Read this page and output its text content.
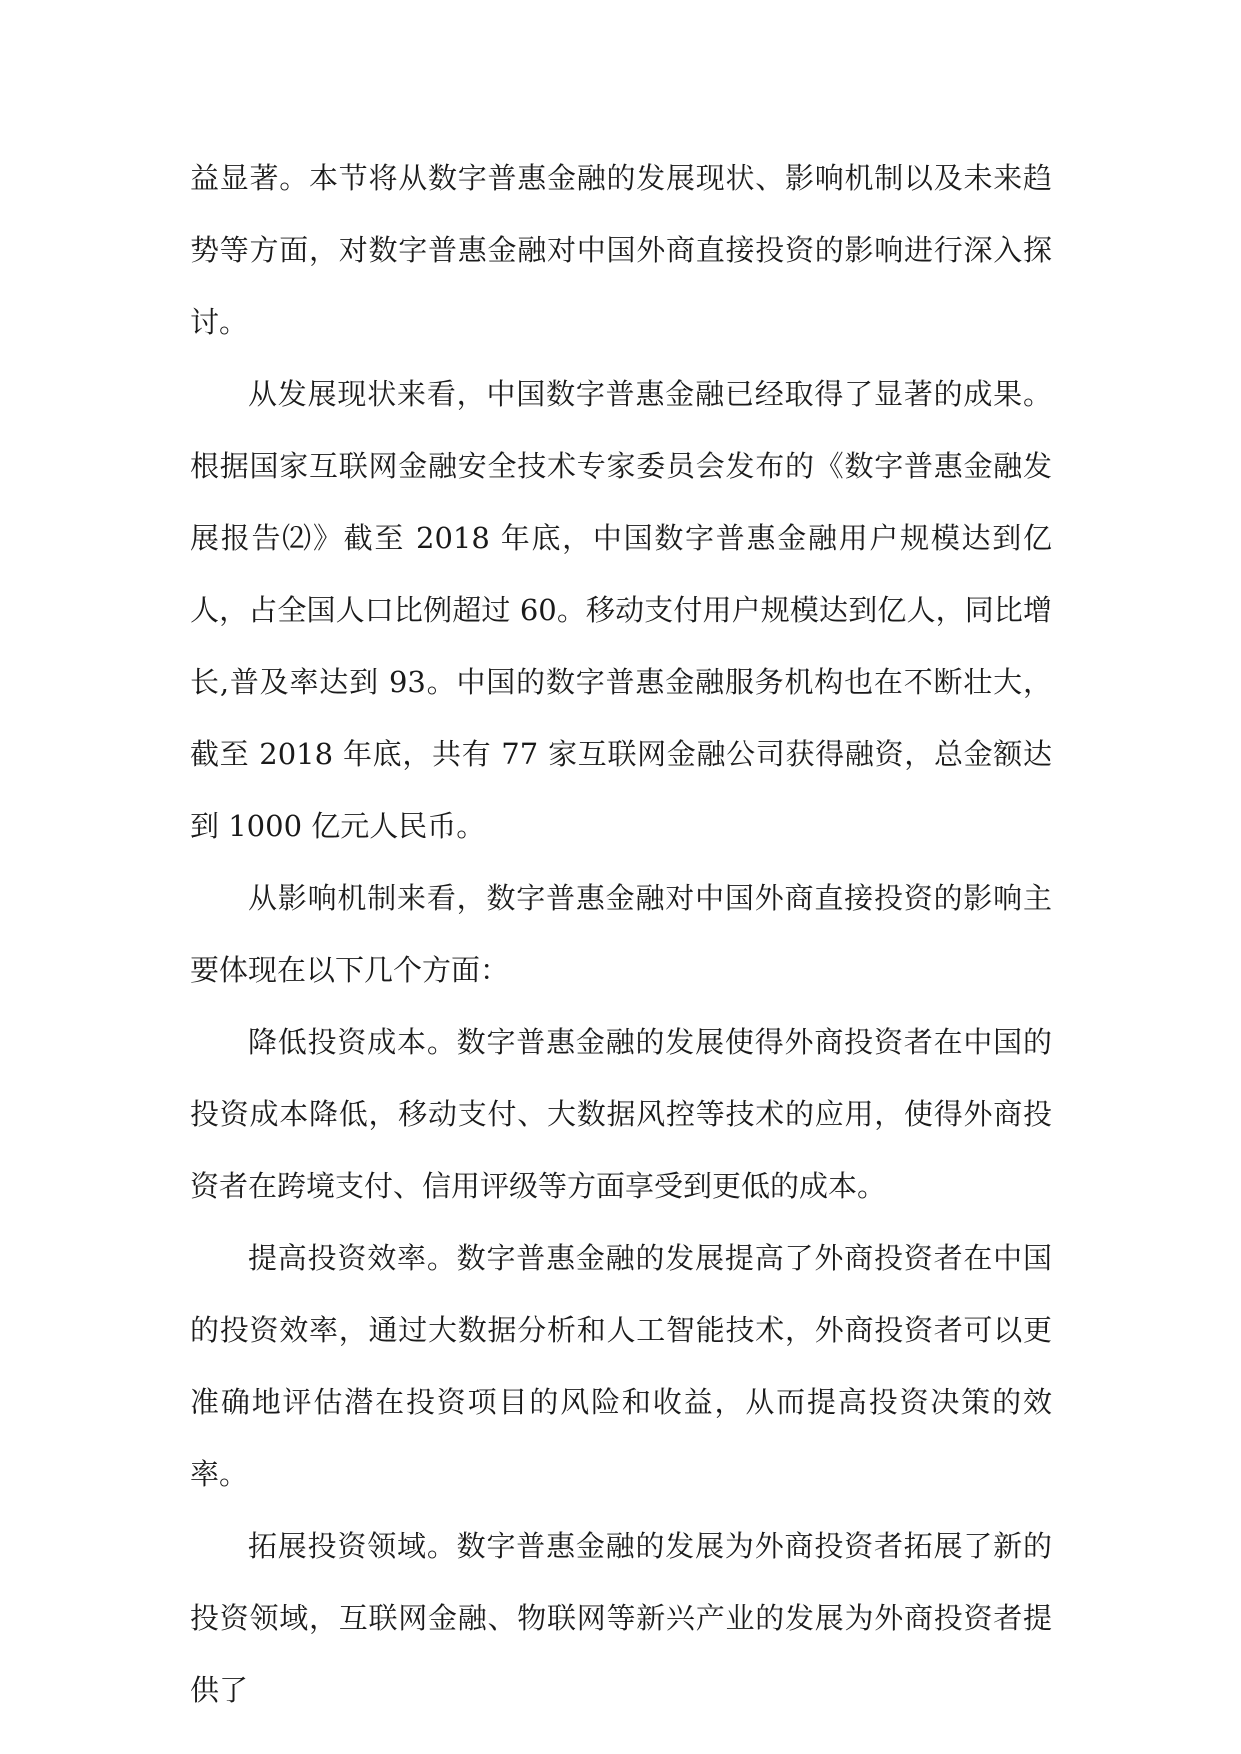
益显著。本节将从数字普惠金融的发展现状、影响机制以及未来趋势等方面，对数字普惠金融对中国外商直接投资的影响进行深入探讨。

从发展现状来看，中国数字普惠金融已经取得了显著的成果。根据国家互联网金融安全技术专家委员会发布的《数字普惠金融发展报告⑵》截至 2018 年底，中国数字普惠金融用户规模达到亿人，占全国人口比例超过 60。移动支付用户规模达到亿人，同比增长,普及率达到 93。中国的数字普惠金融服务机构也在不断壮大，截至 2018 年底，共有 77 家互联网金融公司获得融资，总金额达到 1000 亿元人民币。

从影响机制来看，数字普惠金融对中国外商直接投资的影响主要体现在以下几个方面：

降低投资成本。数字普惠金融的发展使得外商投资者在中国的投资成本降低，移动支付、大数据风控等技术的应用，使得外商投资者在跨境支付、信用评级等方面享受到更低的成本。

提高投资效率。数字普惠金融的发展提高了外商投资者在中国的投资效率，通过大数据分析和人工智能技术，外商投资者可以更准确地评估潜在投资项目的风险和收益，从而提高投资决策的效率。

拓展投资领域。数字普惠金融的发展为外商投资者拓展了新的投资领域，互联网金融、物联网等新兴产业的发展为外商投资者提供了
